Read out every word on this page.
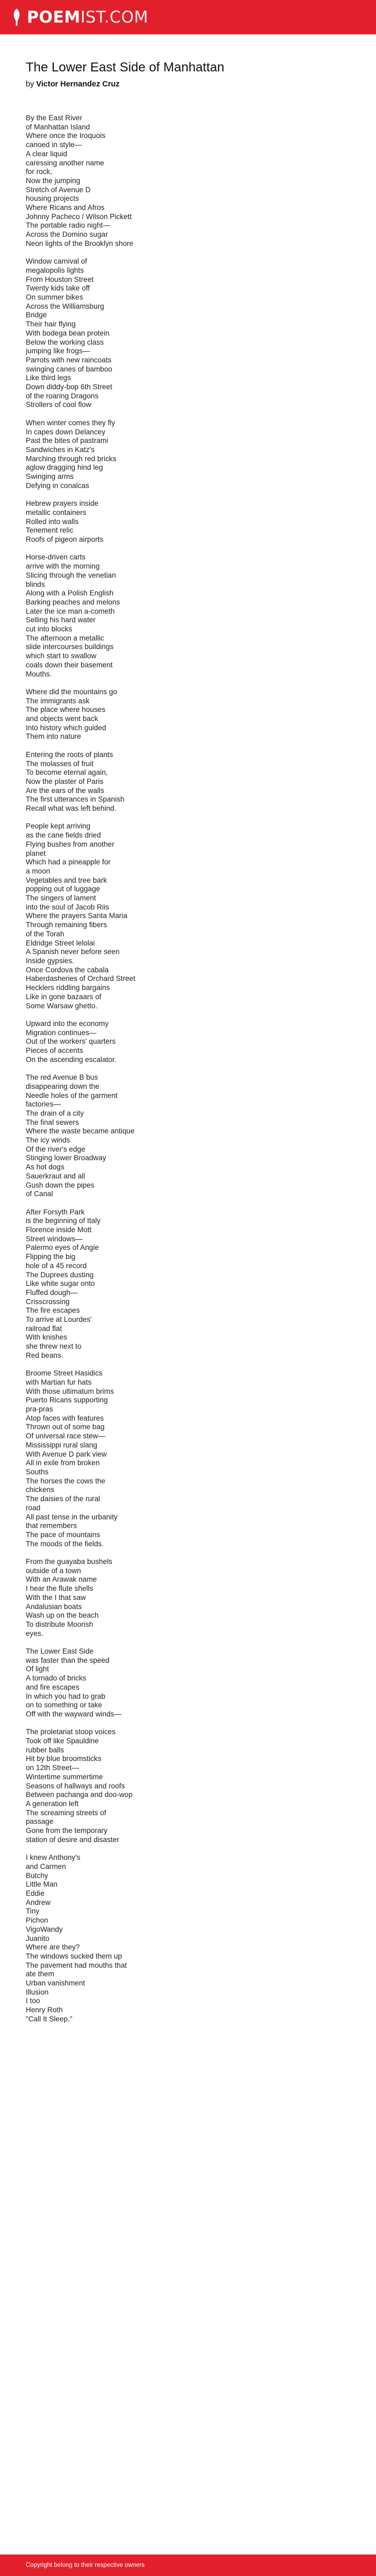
POEM IST.COM
The Lower East Side of Manhattan
by Victor Hernandez Cruz

By the East River
of Manhattan Island
Where once the Iroquois
canoed in style—
A clear liquid
caressing another name
for rock,
Now the jumping
Stretch of Avenue D
housing projects
Where Ricans and Afros
Johnny Pacheco / Wilson Pickett
The portable radio night—
Across the Domino sugar
Neon lights of the Brooklyn shore

Window carnival of
megalopolis lights
From Houston Street
Twenty kids take off
On summer bikes
Across the Williamsburg
Bridge
Their hair flying
With bodega bean protein
Below the working class
jumping like frogs—
Parrots with new raincoats
swinging canes of bamboo
Like third legs
Down diddy-bop 6th Street
of the roaring Dragons
Strollers of cool flow

When winter comes they fly
In capes down Delancey
Past the bites of pastrami
Sandwiches in Katz's
Marching through red bricks
aglow dragging hind leg
Swinging arms
Defying in conalcas

Hebrew prayers inside
metallic containers
Rolled into walls
Tenement relic
Roofs of pigeon airports

Horse-driven carts
arrive with the morning
Slicing through the venetian
blinds
Along with a Polish English
Barking peaches and melons
Later the ice man a-cometh
Selling his hard water
cut into blocks
The afternoon a metallic
slide intercourses buildings
which start to swallow
coals down their basement
Mouths.

Where did the mountains go
The immigrants ask
The place where houses
and objects went back
Into history which guided
Them into nature

Entering the roots of plants
The molasses of fruit
To become eternal again,
Now the plaster of Paris
Are the ears of the walls
The first utterances in Spanish
Recall what was left behind.

People kept arriving
as the cane fields dried
Flying bushes from another
planet
Which had a pineapple for
a moon
Vegetables and tree bark
popping out of luggage
The singers of lament
into the soul of Jacob Riis
Where the prayers Santa Maria
Through remaining fibers
of the Torah
Eldridge Street lelolai
A Spanish never before seen
Inside gypsies.
Once Cordova the cabala
Haberdasheries of Orchard Street
Hecklers riddling bargains
Like in gone bazaars of
Some Warsaw ghetto.

Upward into the economy
Migration continues—
Out of the workers' quarters
Pieces of accents
On the ascending escalator.

The red Avenue B bus
disappearing down the
Needle holes of the garment
factories—
The drain of a city
The final sewers
Where the waste became antique
The icy winds
Of the river's edge
Stinging lower Broadway
As hot dogs
Sauerkraut and all
Gush down the pipes
of Canal

After Forsyth Park
is the beginning of Italy
Florence inside Mott
Street windows—
Palermo eyes of Angie
Flipping the big
hole of a 45 record
The Duprees dusting
Like white sugar onto
Fluffed dough—
Crisscrossing
The fire escapes
To arrive at Lourdes'
railroad flat
With knishes
she threw next to
Red beans.

Broome Street Hasidics
with Martian fur hats
With those ultimatum brims
Puerto Ricans supporting
pra-pras
Atop faces with features
Thrown out of some bag
Of universal race stew—
Mississippi rural slang
With Avenue D park view
All in exile from broken
Souths
The horses the cows the
chickens
The daisies of the rural
road
All past tense in the urbanity
that remembers
The pace of mountains
The moods of the fields.

From the guayaba bushels
outside of a town
With an Arawak name
I hear the flute shells
With the I that saw
Andalusian boats
Wash up on the beach
To distribute Moorish
eyes.

The Lower East Side
was faster than the speed
Of light
A tornado of bricks
and fire escapes
In which you had to grab
on to something or take
Off with the wayward winds—

The proletariat stoop voices
Took off like Spauldine
rubber balls
Hit by blue broomsticks
on 12th Street—
Wintertime summertime
Seasons of hallways and roofs
Between pachanga and doo-wop
A generation left
The screaming streets of
passage
Gone from the temporary
station of desire and disaster

I knew Anthony's
and Carmen
Butchy
Little Man
Eddie
Andrew
Tiny
Pichon
VigoWandy
Juanito
Where are they?
The windows sucked them up
The pavement had mouths that
ate them
Urban vanishment
Illusion
I too
Henry Roth
"Call It Sleep."

Copyright belong to their respective owners
